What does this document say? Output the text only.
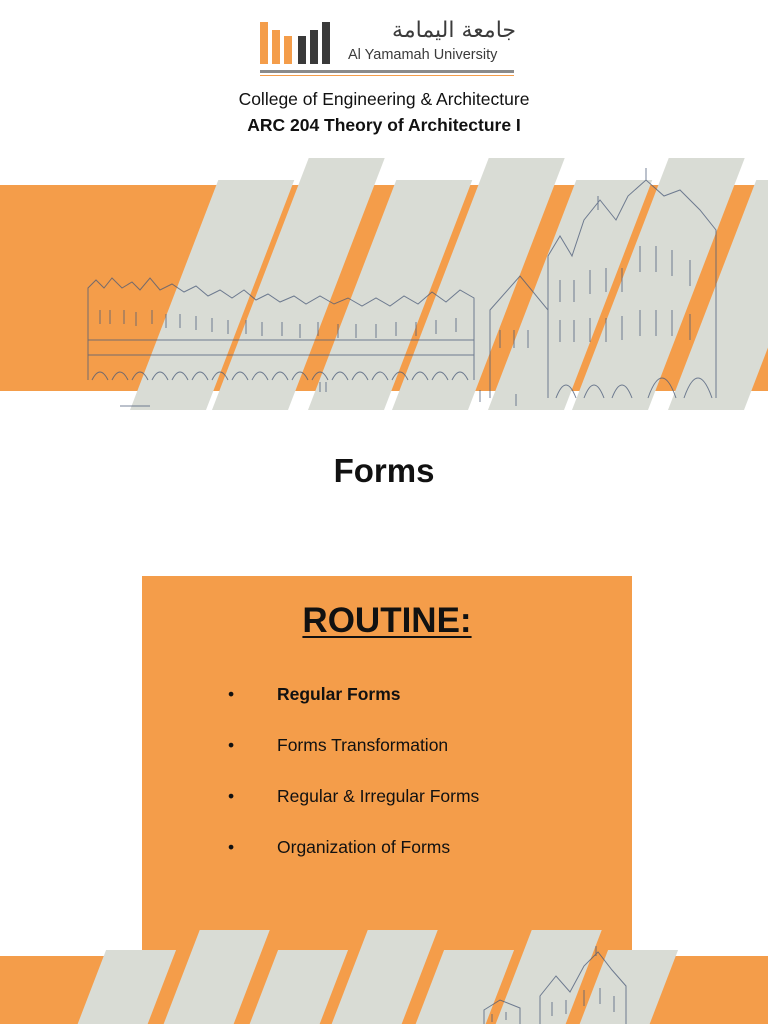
جامعة اليمامة
Al Yamamah University
College of Engineering & Architecture
ARC 204 Theory of Architecture I
Forms
ROUTINE:
• Regular Forms
• Forms Transformation
• Regular & Irregular Forms
• Organization of Forms
